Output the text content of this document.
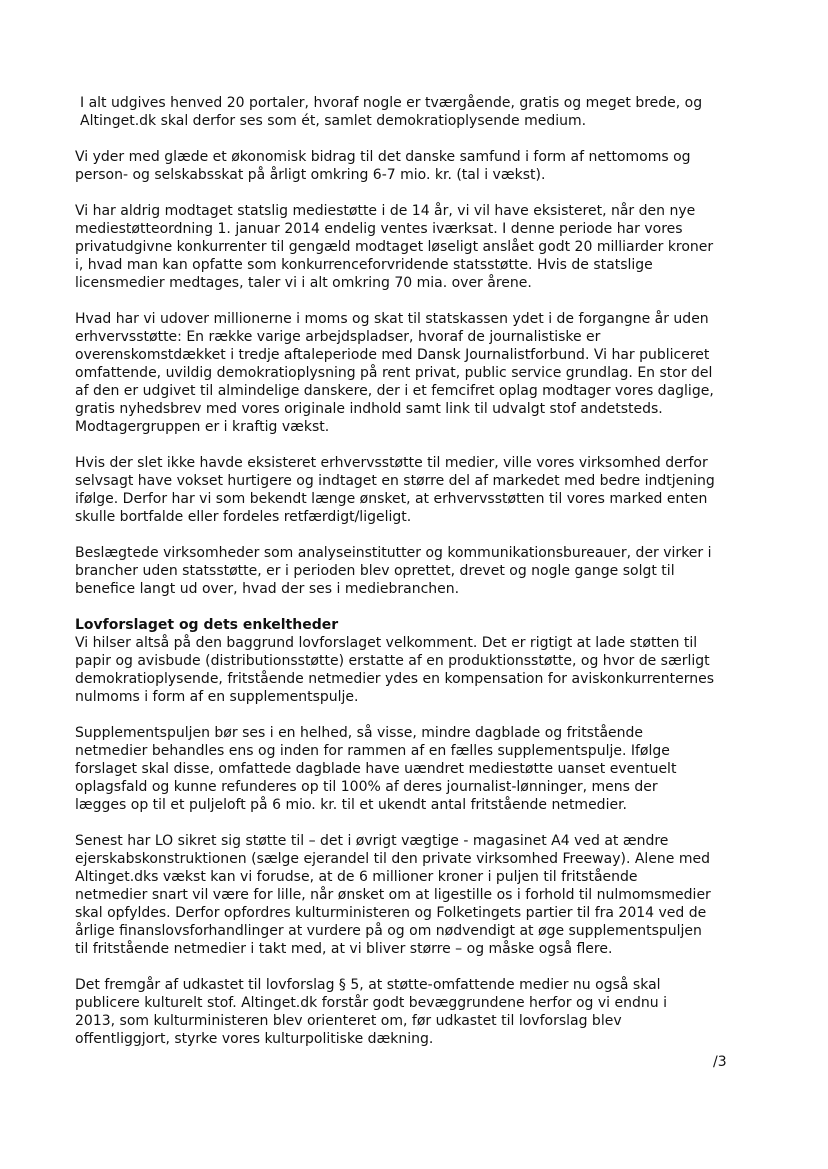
I alt udgives henved 20 portaler, hvoraf nogle er tværgående, gratis og meget brede, og
Altinget.dk skal derfor ses som ét, samlet demokratioplysende medium.

Vi yder med glæde et økonomisk bidrag til det danske samfund i form af nettomoms og
person- og selskabsskat på årligt omkring 6-7 mio. kr. (tal i vækst).

Vi har aldrig modtaget statslig mediestøtte i de 14 år, vi vil have eksisteret, når den nye
mediestøtteordning 1. januar 2014 endelig ventes iværksat. I denne periode har vores
privatudgivne konkurrenter til gengæld modtaget løseligt anslået godt 20 milliarder kroner
i, hvad man kan opfatte som konkurrenceforvridende statsstøtte. Hvis de statslige
licensmedier medtages, taler vi i alt omkring 70 mia. over årene.

Hvad har vi udover millionerne i moms og skat til statskassen ydet i de forgangne år uden
erhvervsstøtte: En række varige arbejdspladser, hvoraf de journalistiske er
overenskomstdækket i tredje aftaleperiode med Dansk Journalistforbund. Vi har publiceret
omfattende, uvildig demokratioplysning på rent privat, public service grundlag. En stor del
af den er udgivet til almindelige danskere, der i et femcifret oplag modtager vores daglige,
gratis nyhedsbrev med vores originale indhold samt link til udvalgt stof andetsteds.
Modtagergruppen er i kraftig vækst.

Hvis der slet ikke havde eksisteret erhvervsstøtte til medier, ville vores virksomhed derfor
selvsagt have vokset hurtigere og indtaget en større del af markedet med bedre indtjening
ifølge. Derfor har vi som bekendt længe ønsket, at erhvervsstøtten til vores marked enten
skulle bortfalde eller fordeles retfærdigt/ligeligt.

Beslægtede virksomheder som analyseinstitutter og kommunikationsbureauer, der virker i
brancher uden statsstøtte, er i perioden blev oprettet, drevet og nogle gange solgt til
benefice langt ud over, hvad der ses i mediebranchen.

Lovforslaget og dets enkeltheder

Vi hilser altså på den baggrund lovforslaget velkomment. Det er rigtigt at lade støtten til
papir og avisbude (distributionsstøtte) erstatte af en produktionsstøtte, og hvor de særligt
demokratioplysende, fritstående netmedier ydes en kompensation for aviskonkurrenternes
nulmoms i form af en supplementspulje.

Supplementspuljen bør ses i en helhed, så visse, mindre dagblade og fritstående
netmedier behandles ens og inden for rammen af en fælles supplementspulje. Ifølge
forslaget skal disse, omfattede dagblade have uændret mediestøtte uanset eventuelt
oplagsfald og kunne refunderes op til 100% af deres journalist-lønninger, mens der
lægges op til et puljeloft på 6 mio. kr. til et ukendt antal fritstående netmedier.

Senest har LO sikret sig støtte til – det i øvrigt vægtige - magasinet A4 ved at ændre
ejerskabskonstruktionen (sælge ejerandel til den private virksomhed Freeway). Alene med
Altinget.dks vækst kan vi forudse, at de 6 millioner kroner i puljen til fritstående
netmedier snart vil være for lille, når ønsket om at ligestille os i forhold til nulmomsmedier
skal opfyldes. Derfor opfordres kulturministeren og Folketingets partier til fra 2014 ved de
årlige finanslovsforhandlinger at vurdere på og om nødvendigt at øge supplementspuljen
til fritstående netmedier i takt med, at vi bliver større – og måske også flere.

Det fremgår af udkastet til lovforslag § 5, at støtte-omfattende medier nu også skal
publicere kulturelt stof. Altinget.dk forstår godt bevæggrundene herfor og vi endnu i
2013, som kulturministeren blev orienteret om, før udkastet til lovforslag blev
offentliggjort, styrke vores kulturpolitiske dækning.

/3
